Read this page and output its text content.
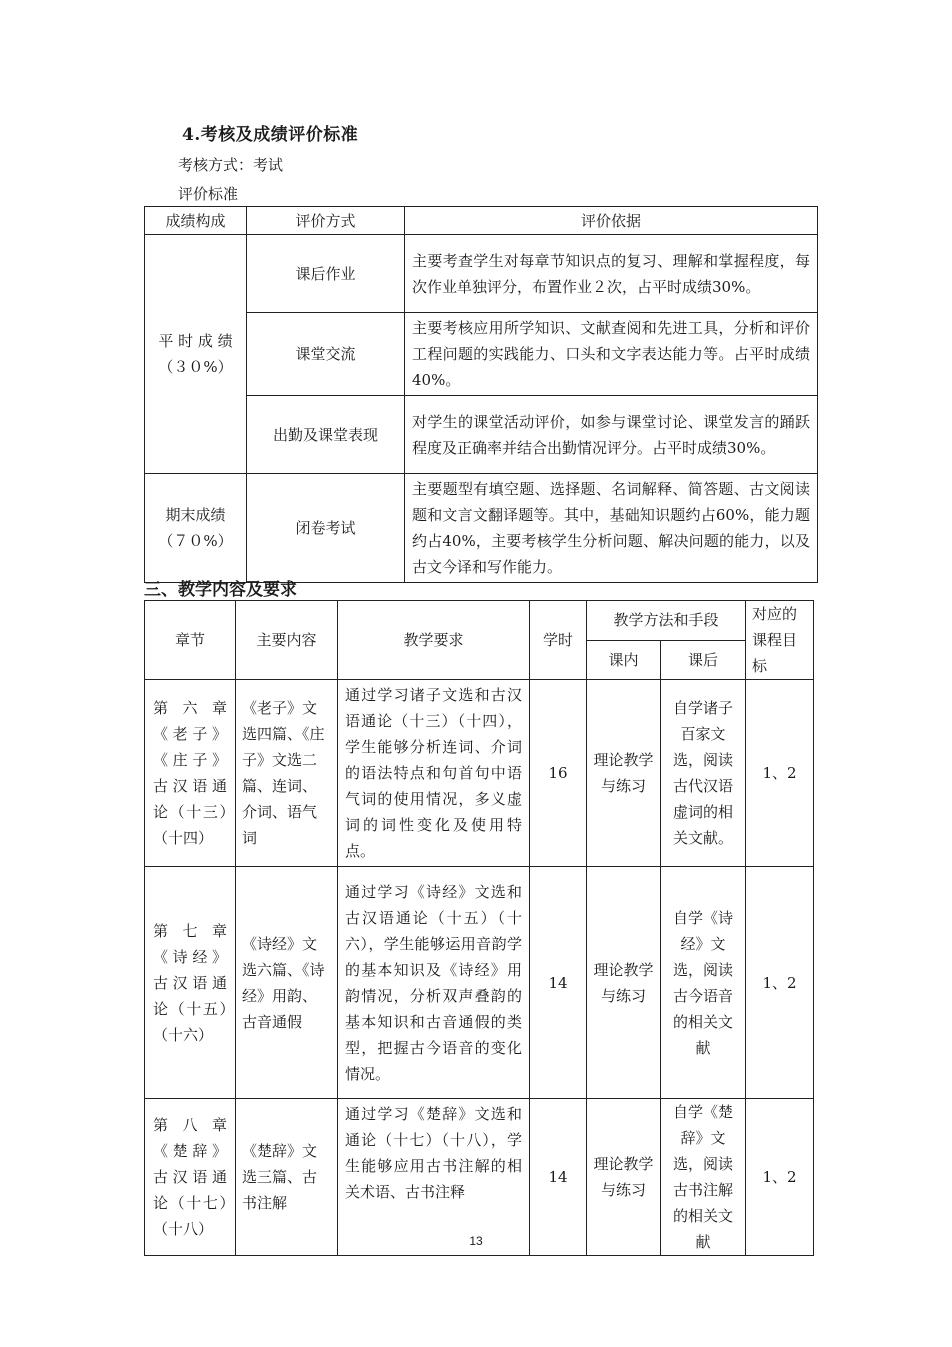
4.考核及成绩评价标准
考核方式：考试
评价标准
成绩构成	评价方式	评价依据
平 时 成 绩（３０%）	课后作业	主要考查学生对每章节知识点的复习、理解和掌握程度，每次作业单独评分，布置作业２次，占平时成绩30%。
	课堂交流	主要考核应用所学知识、文献查阅和先进工具，分析和评价工程问题的实践能力、口头和文字表达能力等。占平时成绩40%。
	出勤及课堂表现	对学生的课堂活动评价，如参与课堂讨论、课堂发言的踊跃程度及正确率并结合出勤情况评分。占平时成绩30%。
期末成绩（７０%）	闭卷考试	主要题型有填空题、选择题、名词解释、简答题、古文阅读题和文言文翻译题等。其中，基础知识题约占60%，能力题约占40%，主要考核学生分析问题、解决问题的能力，以及古文今译和写作能力。
三、教学内容及要求
章节	主要内容	教学要求	学时	教学方法和手段		对应的课程目标
				课内	课后	
第六章《老子》《庄子》古汉语通论（十三）（十四）	《老子》文选四篇、《庄子》文选二篇、连词、介词、语气词	通过学习诸子文选和古汉语通论（十三）（十四），学生能够分析连词、介词的语法特点和句首句中语气词的使用情况，多义虚词的词性变化及使用特点。	16	理论教学与练习	自学诸子百家文选，阅读古代汉语虚词的相关文献。	1、2
第 七 章《诗经》古汉语通论（十五）（十六）	《诗经》文选六篇、《诗经》用韵、古音通假	通过学习《诗经》文选和古汉语通论（十五）（十六），学生能够运用音韵学的基本知识及《诗经》用韵情况，分析双声叠韵的基本知识和古音通假的类型，把握古今语音的变化情况。	14	理论教学与练习	自学《诗经》文选，阅读古今语音的相关文献	1、2
第 八 章《楚辞》古汉语通论（十七）（十八）	《楚辞》文选三篇、古书注解	通过学习《楚辞》文选和通论（十七）（十八），学生能够应用古书注解的相关术语、古书注释	14	理论教学与练习	自学《楚辞》文选，阅读古书注解的相关文献	1、2
13
